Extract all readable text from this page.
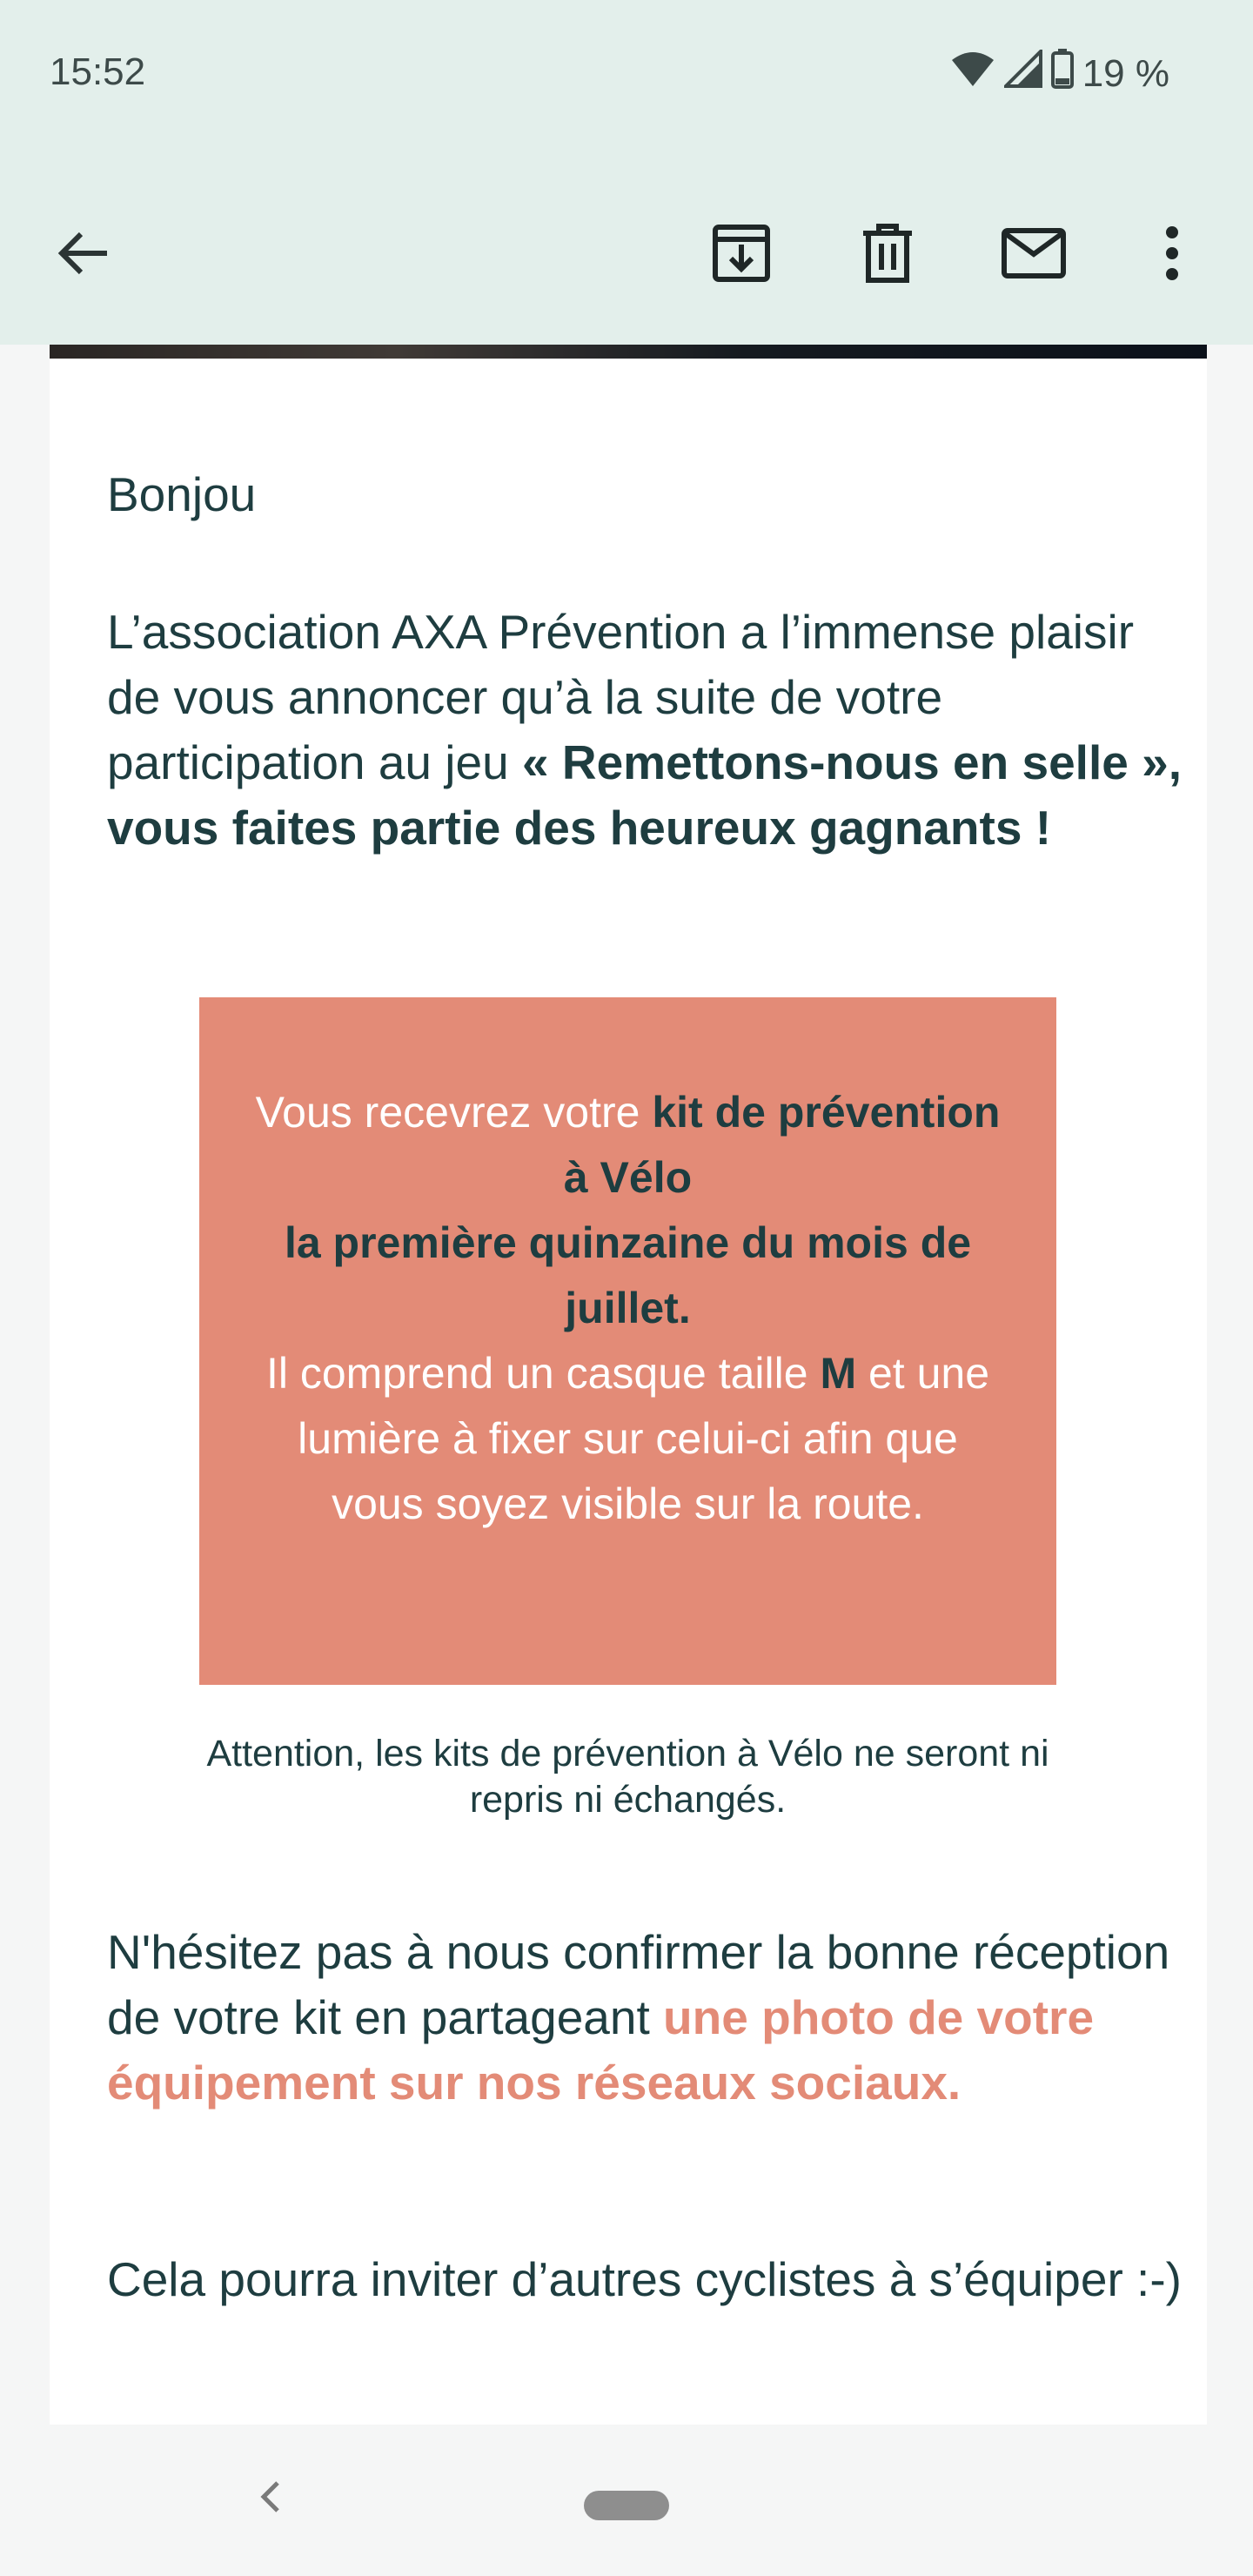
15:52	19 %
Bonjou

L’association AXA Prévention a l’immense plaisir de vous annoncer qu’à la suite de votre participation au jeu « Remettons-nous en selle », vous faites partie des heureux gagnants !

Vous recevrez votre kit de prévention à Vélo
la première quinzaine du mois de juillet.
Il comprend un casque taille M et une lumière à fixer sur celui-ci afin que vous soyez visible sur la route.
Attention, les kits de prévention à Vélo ne seront ni repris ni échangés.

N'hésitez pas à nous confirmer la bonne réception de votre kit en partageant une photo de votre équipement sur nos réseaux sociaux.

Cela pourra inviter d’autres cyclistes à s’équiper :-)
